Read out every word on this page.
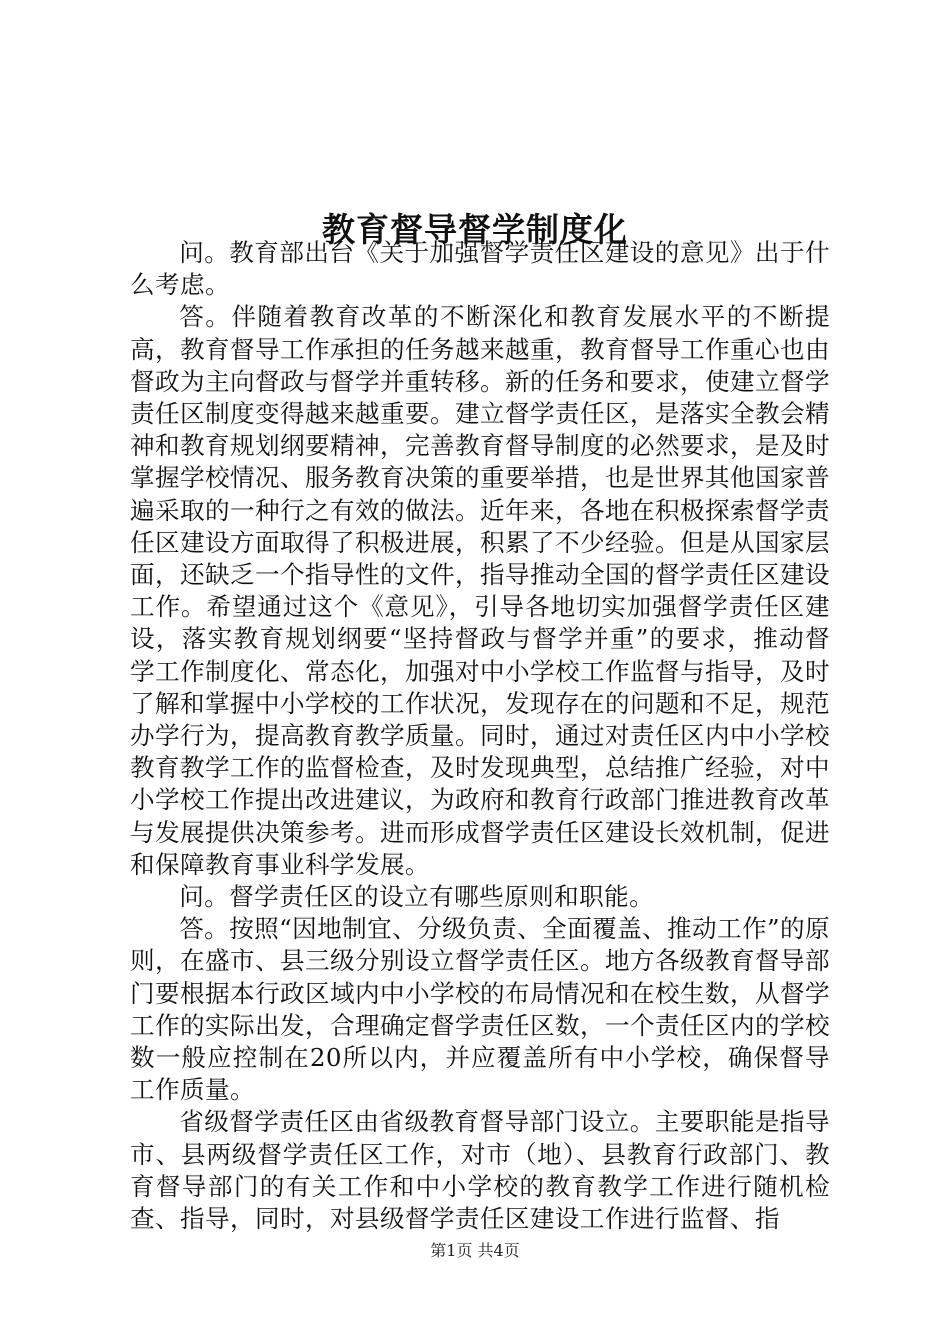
教育督导督学制度化

问。教育部出台《关于加强督学责任区建设的意见》出于什么考虑。

答。伴随着教育改革的不断深化和教育发展水平的不断提高，教育督导工作承担的任务越来越重，教育督导工作重心也由督政为主向督政与督学并重转移。新的任务和要求，使建立督学责任区制度变得越来越重要。建立督学责任区，是落实全教会精神和教育规划纲要精神，完善教育督导制度的必然要求，是及时掌握学校情况、服务教育决策的重要举措，也是世界其他国家普遍采取的一种行之有效的做法。近年来，各地在积极探索督学责任区建设方面取得了积极进展，积累了不少经验。但是从国家层面，还缺乏一个指导性的文件，指导推动全国的督学责任区建设工作。希望通过这个《意见》，引导各地切实加强督学责任区建设，落实教育规划纲要“坚持督政与督学并重”的要求，推动督学工作制度化、常态化，加强对中小学校工作监督与指导，及时了解和掌握中小学校的工作状况，发现存在的问题和不足，规范办学行为，提高教育教学质量。同时，通过对责任区内中小学校教育教学工作的监督检查，及时发现典型，总结推广经验，对中小学校工作提出改进建议，为政府和教育行政部门推进教育改革与发展提供决策参考。进而形成督学责任区建设长效机制，促进和保障教育事业科学发展。

问。督学责任区的设立有哪些原则和职能。

答。按照“因地制宜、分级负责、全面覆盖、推动工作”的原则，在盛市、县三级分别设立督学责任区。地方各级教育督导部门要根据本行政区域内中小学校的布局情况和在校生数，从督学工作的实际出发，合理确定督学责任区数，一个责任区内的学校数一般应控制在20所以内，并应覆盖所有中小学校，确保督导工作质量。

省级督学责任区由省级教育督导部门设立。主要职能是指导市、县两级督学责任区工作，对市（地）、县教育行政部门、教育督导部门的有关工作和中小学校的教育教学工作进行随机检查、指导，同时，对县级督学责任区建设工作进行监督、指

第1页 共4页
